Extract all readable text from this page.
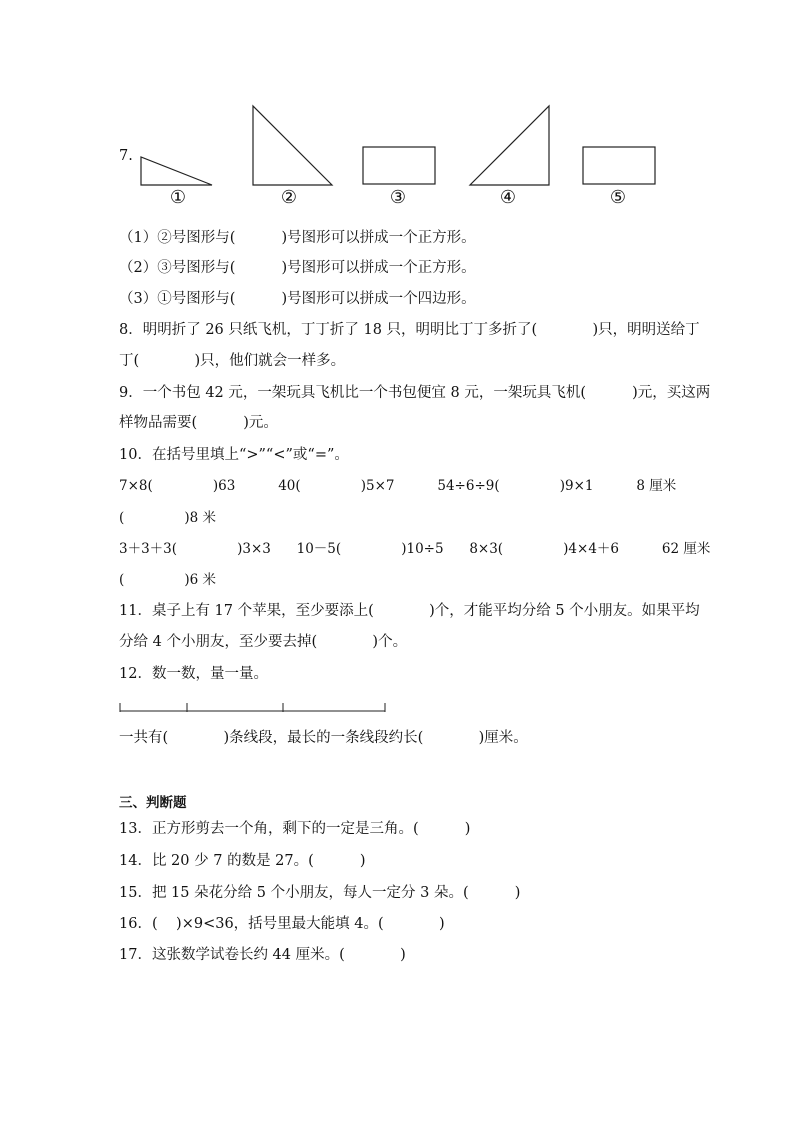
7.
①	②	③	④	⑤
（1）②号图形与(          )号图形可以拼成一个正方形。
（2）③号图形与(          )号图形可以拼成一个正方形。
（3）①号图形与(          )号图形可以拼成一个四边形。
8．明明折了 26 只纸飞机，丁丁折了 18 只，明明比丁丁多折了(            )只，明明送给丁
丁(            )只，他们就会一样多。
9．一个书包 42 元，一架玩具飞机比一个书包便宜 8 元，一架玩具飞机(          )元，买这两
样物品需要(          )元。
10．在括号里填上“>”“<”或“=”。
7×8(              )63          40(              )5×7          54÷6÷9(              )9×1          8 厘米
(              )8 米
3＋3＋3(              )3×3      10－5(              )10÷5      8×3(              )4×4＋6          62 厘米
(              )6 米
11．桌子上有 17 个苹果，至少要添上(            )个，才能平均分给 5 个小朋友。如果平均
分给 4 个小朋友，至少要去掉(            )个。
12．数一数，量一量。
一共有(            )条线段，最长的一条线段约长(            )厘米。
三、判断题
13．正方形剪去一个角，剩下的一定是三角。(          )
14．比 20 少 7 的数是 27。(          )
15．把 15 朵花分给 5 个小朋友，每人一定分 3 朵。(          )
16．(    )×9<36，括号里最大能填 4。(            )
17．这张数学试卷长约 44 厘米。(            )
